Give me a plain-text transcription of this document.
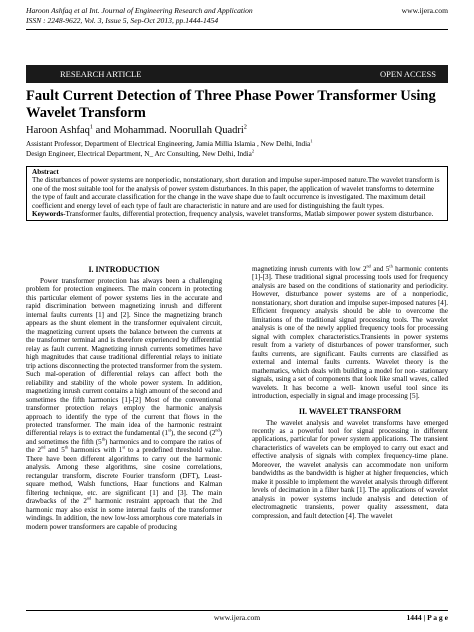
Haroon Ashfaq et al Int. Journal of Engineering Research and Application
ISSN : 2248-9622, Vol. 3, Issue 5, Sep-Oct 2013, pp.1444-1454
www.ijera.com
RESEARCH ARTICLE	OPEN ACCESS
Fault Current Detection of Three Phase Power Transformer Using Wavelet Transform
Haroon Ashfaq$^1$ and Mohammad. Noorullah Quadri$^2$
Assistant Professor, Department of Electrical Engineering, Jamia Millia Islamia , New Delhi, India$^1$
Design Engineer, Electrical Department, N_ Arc Consulting, New Delhi, India$^2$
Abstract
The disturbances of power systems are nonperiodic, nonstationary, short duration and impulse super-imposed nature.The wavelet transform is one of the most suitable tool for the analysis of power system disturbances. In this paper, the application of wavelet transforms to determine the type of fault and accurate classification for the change in the wave shape due to fault occurrence is investigated. The maximum detail coefficient and energy level of each type of fault are characteristic in nature and are used for distinguishing the fault types.
Keywords-Transformer faults, differential protection, frequency analysis, wavelet transforms, Matlab simpower power system disturbance.
I. INTRODUCTION

Power transformer protection has always been a challenging problem for protection engineers. The main concern in protecting this particular element of power systems lies in the accurate and rapid discrimination between magnetizing inrush and different internal faults currents [1] and [2]. Since the magnetizing branch appears as the shunt element in the transformer equivalent circuit, the magnetizing current upsets the balance between the currents at the transformer terminal and is therefore experienced by differential relay as fault current. Magnetizing inrush currents sometimes have high magnitudes that cause traditional differential relays to initiate trip actions disconnecting the protected transformer from the system. Such mal-operation of differential relays can affect both the reliability and stability of the whole power system. In addition, magnetizing inrush current contains a high amount of the second and sometimes the fifth harmonics [1]-[2] Most of the conventional transformer protection relays employ the harmonic analysis approach to identify the type of the current that flows in the protected transformer. The main idea of the harmonic restraint differential relays is to extract the fundamental (1st), the second (2nd) and sometimes the fifth (5th) harmonics and to compare the ratios of the 2nd and 5th harmonics with 1st to a predefined threshold value. There have been different algorithms to carry out the harmonic analysis. Among these algorithms, sine cosine correlations, rectangular transform, discrete Fourier transform (DFT), Least-square method, Walsh functions, Haar functions and Kalman filtering technique, etc. are significant [1] and [3]. The main drawbacks of the 2nd harmonic restraint approach that the 2nd harmonic may also exist in some internal faults of the transformer windings. In addition, the new low-loss amorphous core materials in modern power transformers are capable of producing

magnetizing inrush currents with low 2nd and 5th harmonic contents [1]-[3]. These traditional signal processing tools used for frequency analysis are based on the conditions of stationarity and periodicity. However, disturbance power systems are of a nonperiodic, nonstationary, short duration and impulse super-imposed natures [4]. Efficient frequency analysis should be able to overcome the limitations of the traditional signal processing tools. The wavelet analysis is one of the newly applied frequency tools for processing signal with complex characteristics.Transients in power systems result from a variety of disturbances of power transformer, such faults currents, are significant. Faults currents are classified as external and internal faults currents. Wavelet theory is the mathematics, which deals with building a model for non- stationary signals, using a set of components that look like small waves, called wavelets. It has become a well- known useful tool since its introduction, especially in signal and image processing [5].

II. WAVELET TRANSFORM

The wavelet analysis and wavelet transforms have emerged recently as a powerful tool for signal processing in different applications, particular for power system applications. The transient characteristics of wavelets can be employed to carry out exact and effective analysis of signals with complex frequency-time plane. Moreover, the wavelet analysis can accommodate non uniform bandwidths as the bandwidth is higher at higher frequencies, which make it possible to implement the wavelet analysis through different levels of decimation in a filter bank [1]. The applications of wavelet analysis in power systems include analysis and detection of electromagnetic transients, power quality assessment, data compression, and fault detection [4]. The wavelet

www.ijera.com	1444 | P a g e
